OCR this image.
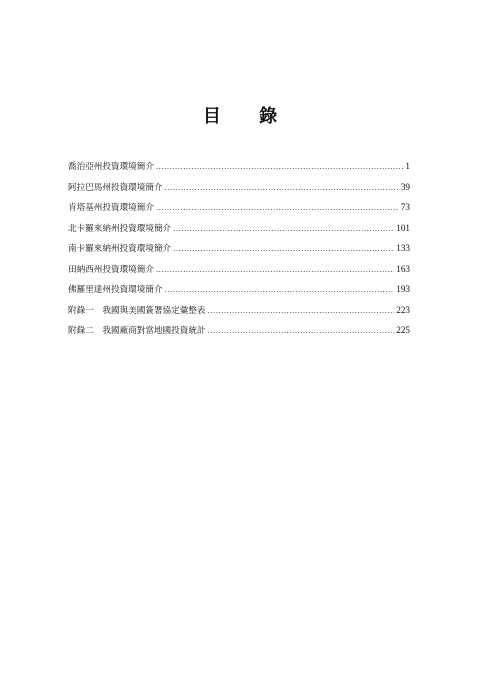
目 錄
喬治亞州投資環境簡介 .....	1
阿拉巴馬州投資環境簡介 .....	39
肯塔基州投資環境簡介 .....	73
北卡羅來納州投資環境簡介 .....	101
南卡羅來納州投資環境簡介 .....	133
田納西州投資環境簡介 .....	163
佛羅里達州投資環境簡介 .....	193
附錄一　我國與美國簽署協定彙整表 .....	223
附錄二　我國廠商對當地國投資統計 .....	225
